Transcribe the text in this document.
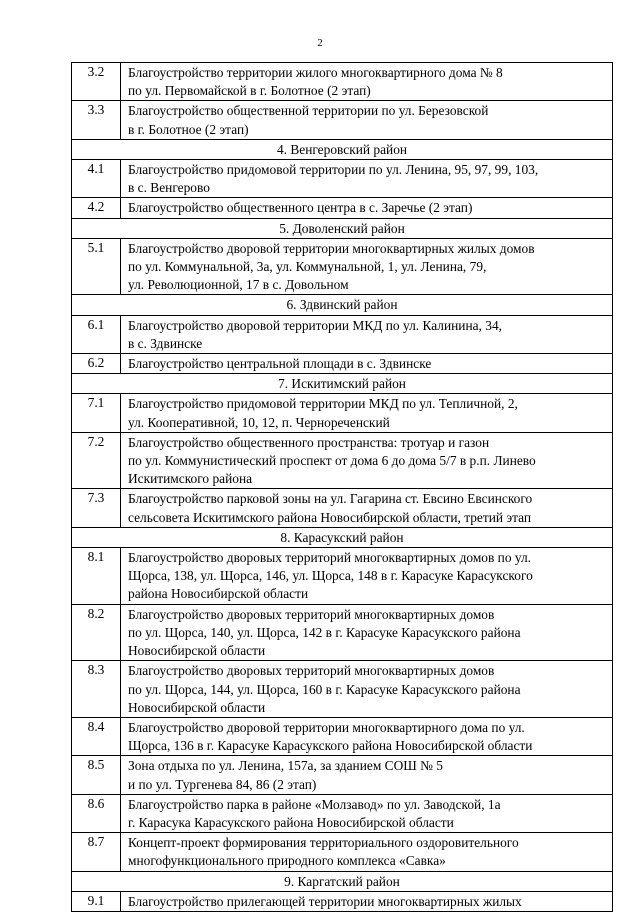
2
3.2	Благоустройство территории жилого многоквартирного дома № 8
по ул. Первомайской в г. Болотное (2 этап)

3.3	Благоустройство общественной территории по ул. Березовской
в г. Болотное (2 этап)

4. Венгеровский район	
4.1	Благоустройство придомовой территории по ул. Ленина, 95, 97, 99, 103,
в с. Венгерово

4.2	Благоустройство общественного центра в с. Заречье (2 этап)

5. Доволенский район	
5.1	Благоустройство дворовой территории многоквартирных жилых домов
по ул. Коммунальной, 3а, ул. Коммунальной, 1, ул. Ленина, 79,
ул. Революционной, 17 в с. Довольном

6. Здвинский район	
6.1	Благоустройство дворовой территории МКД по ул. Калинина, 34,
в с. Здвинске

6.2	Благоустройство центральной площади в с. Здвинске

7. Искитимский район	
7.1	Благоустройство придомовой территории МКД по ул. Тепличной, 2,
ул. Кооперативной, 10, 12, п. Чернореченский

7.2	Благоустройство общественного пространства: тротуар и газон
по ул. Коммунистический проспект от дома 6 до дома 5/7 в р.п. Линево
Искитимского района

7.3	Благоустройство парковой зоны на ул. Гагарина ст. Евсино Евсинского
сельсовета Искитимского района Новосибирской области, третий этап

8. Карасукский район	
8.1	Благоустройство дворовых территорий многоквартирных домов по ул.
Щорса, 138, ул. Щорса, 146, ул. Щорса, 148 в г. Карасуке Карасукского
района Новосибирской области

8.2	Благоустройство дворовых территорий многоквартирных домов
по ул. Щорса, 140, ул. Щорса, 142 в г. Карасуке Карасукского района
Новосибирской области

8.3	Благоустройство дворовых территорий многоквартирных домов
по ул. Щорса, 144, ул. Щорса, 160 в г. Карасуке Карасукского района
Новосибирской области

8.4	Благоустройство дворовой территории многоквартирного дома по ул.
Щорса, 136 в г. Карасуке Карасукского района Новосибирской области

8.5	Зона отдыха по ул. Ленина, 157а, за зданием СОШ № 5
и по ул. Тургенева 84, 86 (2 этап)

8.6	Благоустройство парка в районе «Молзавод» по ул. Заводской, 1а
г. Карасука Карасукского района Новосибирской области

8.7	Концепт-проект формирования территориального оздоровительного
многофункционального природного комплекса «Савка»

9. Каргатский район	
9.1	Благоустройство прилегающей территории многоквартирных жилых
